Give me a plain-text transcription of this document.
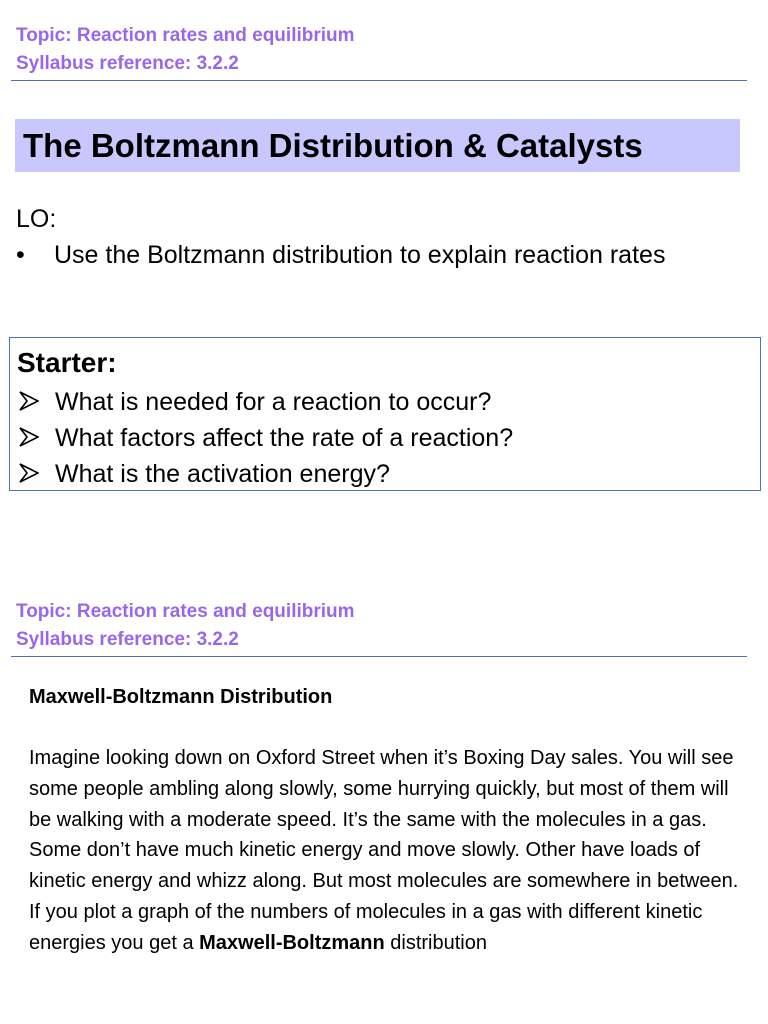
Topic: Reaction rates and equilibrium
Syllabus reference: 3.2.2
The Boltzmann Distribution & Catalysts
LO:
• Use the Boltzmann distribution to explain reaction rates
Starter:
What is needed for a reaction to occur?
What factors affect the rate of a reaction?
What is the activation energy?
Topic: Reaction rates and equilibrium
Syllabus reference: 3.2.2
Maxwell-Boltzmann Distribution

Imagine looking down on Oxford Street when it’s Boxing Day sales. You will see some people ambling along slowly, some hurrying quickly, but most of them will be walking with a moderate speed. It’s the same with the molecules in a gas. Some don’t have much kinetic energy and move slowly. Other have loads of kinetic energy and whizz along. But most molecules are somewhere in between. If you plot a graph of the numbers of molecules in a gas with different kinetic energies you get a Maxwell-Boltzmann distribution
